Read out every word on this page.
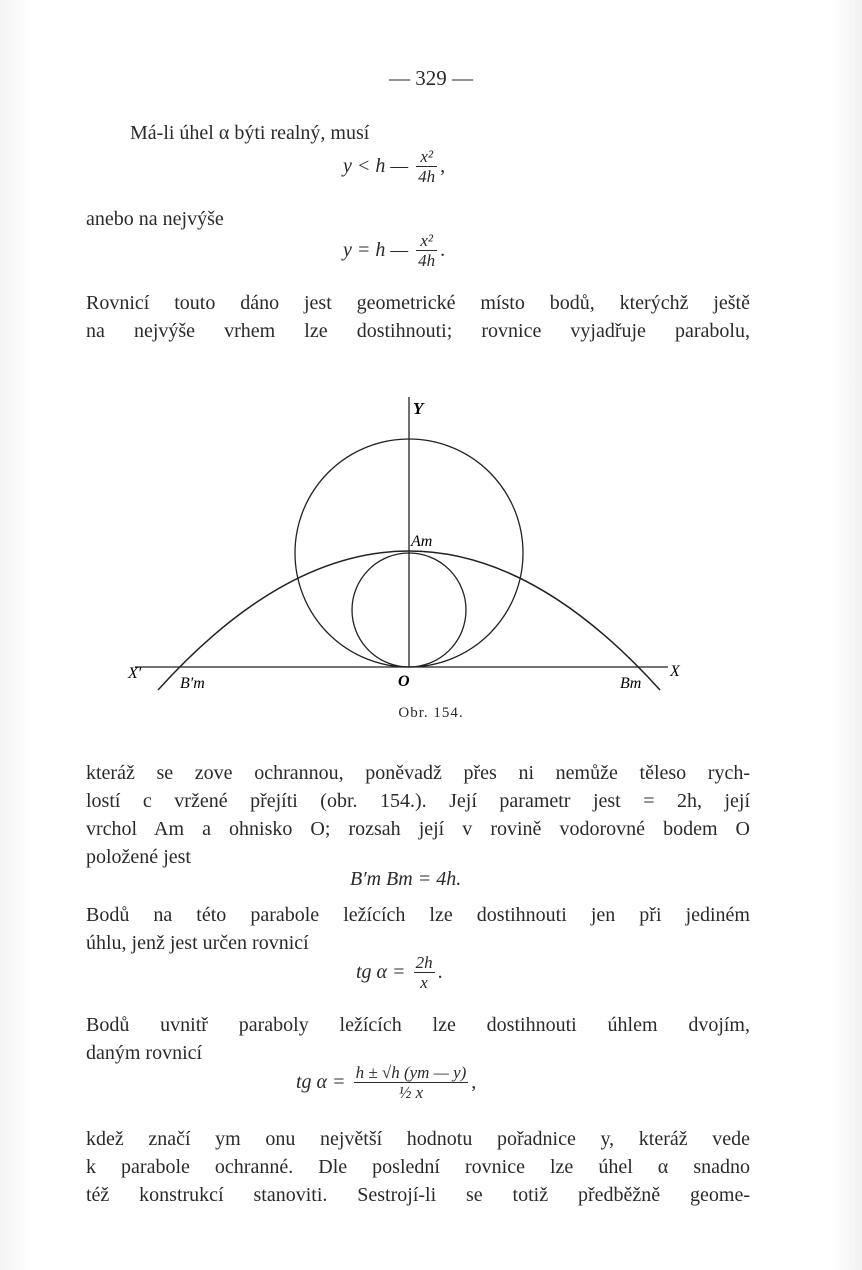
— 329 —
Má-li úhel α býti realný, musí
y < h — $\frac{\text{x²}}{4h}$ ,
anebo na nejvýše
y = h — $\frac{\text{x²}}{4h}$ .
Rovnicí touto dáno jest geometrické místo bodů, kterýchž ještě
na nejvýše vrhem lze dostihnouti; rovnice vyjadřuje parabolu,
Y
Am
X′	X
B′m	Bm
O
Obr. 154.
kteráž se zove ochrannou, poněvadž přes ni nemůže těleso rych-
lostí c vržené přejíti (obr. 154.). Její parametr jest = 2h, její
vrchol Am a ohnisko O; rozsah její v rovině vodorovné bodem O
položené jest
B′m Bm = 4h.
Bodů na této parabole ležících lze dostihnouti jen při jediném
úhlu, jenž jest určen rovnicí
tg $\alpha = \frac{2h}{x}$ .
Bodů uvnitř paraboly ležících lze dostihnouti úhlem dvojím,
daným rovnicí
tg $\alpha = \frac{h \pm √h (ym — y)}{\text{½ x}}$ ,
kdež značí ym onu největší hodnotu pořadnice y, kteráž vede
k parabole ochranné. Dle poslední rovnice lze úhel α snadno
též konstrukcí stanoviti. Sestrojí-li se totiž předběžně geome-
